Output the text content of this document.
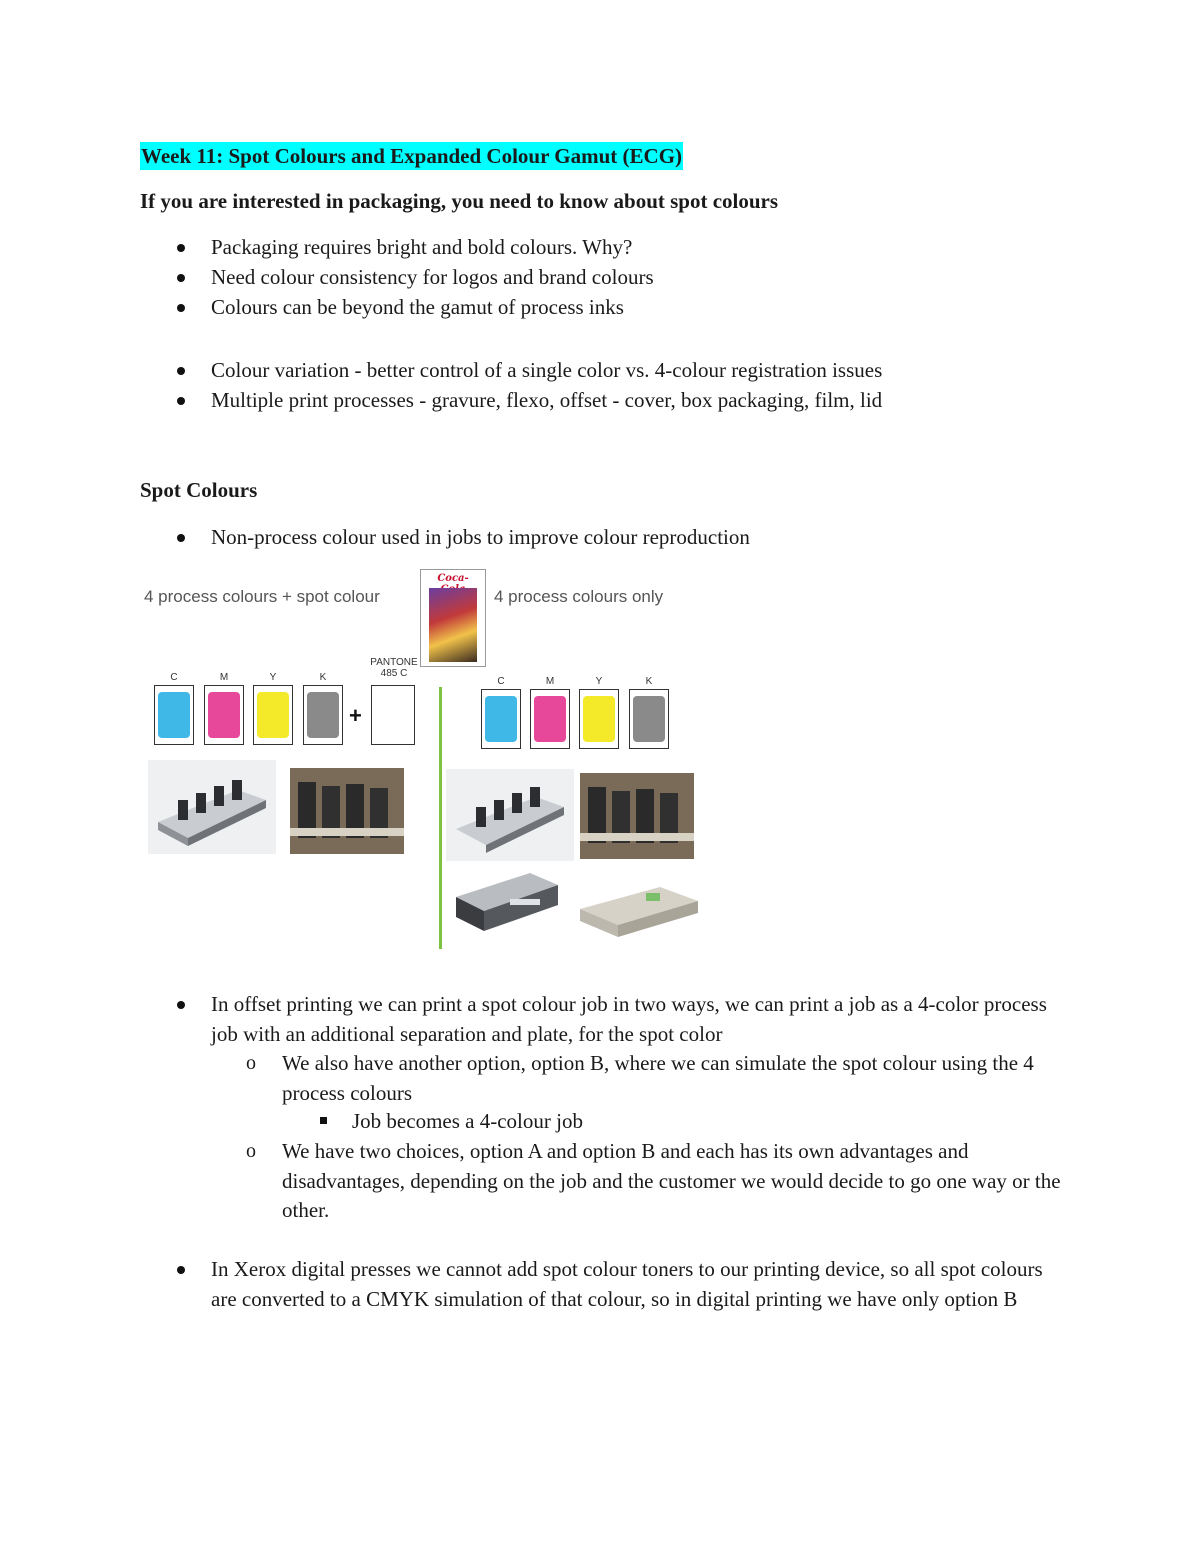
Week 11: Spot Colours and Expanded Colour Gamut (ECG)
If you are interested in packaging, you need to know about spot colours
Packaging requires bright and bold colours. Why?
Need colour consistency for logos and brand colours
Colours can be beyond the gamut of process inks
Colour variation - better control of a single color vs. 4-colour registration issues
Multiple print processes - gravure, flexo, offset - cover, box packaging, film, lid
Spot Colours
Non-process colour used in jobs to improve colour reproduction
4 process colours + spot colour	4 process colours only
Coca-
C	M	Y	K
PANTONE
485 C
+
C	M	Y	K
In offset printing we can print a spot colour job in two ways, we can print a job as a 4-color process job with an additional separation and plate, for the spot color
o We also have another option, option B, where we can simulate the spot colour using the 4 process colours
Job becomes a 4-colour job
o We have two choices, option A and option B and each has its own advantages and disadvantages, depending on the job and the customer we would decide to go one way or the other.
In Xerox digital presses we cannot add spot colour toners to our printing device, so all spot colours are converted to a CMYK simulation of that colour, so in digital printing we have only option B
